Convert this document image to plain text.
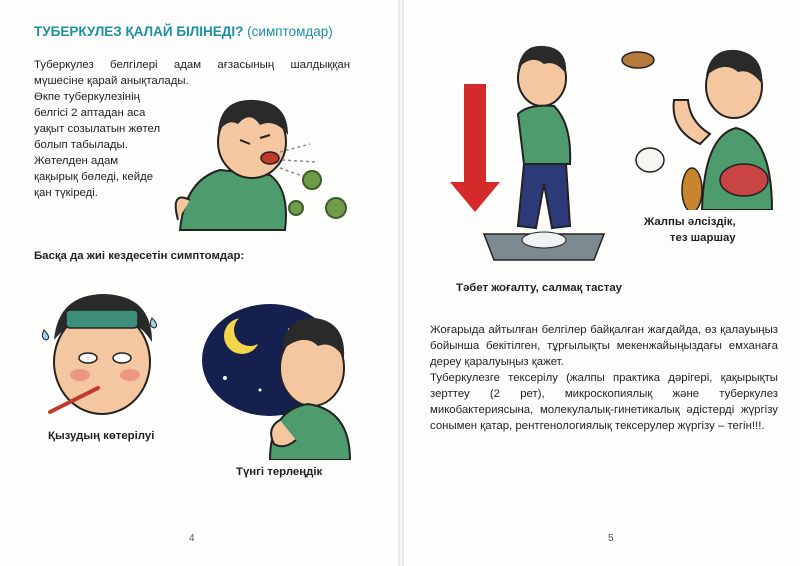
ТУБЕРКУЛЕЗ ҚАЛАЙ БІЛІНЕДІ? (симптомдар)
Туберкулез белгілері адам ағзасының шалдыққан мүшесіне қарай анықталады.
Өкпе туберкулезінің белгісі 2 аптадан аса уақыт созылатын жөтел болып табылады. Жөтелден адам қақырық бөледі, кейде қан түкіреді.
Басқа да жиі кездесетін симптомдар:
Қызудың көтерілуі
Түнгі терлеңдік
4
Тәбет жоғалту, салмақ тастау
Жалпы әлсіздік,
тез шаршау

Жоғарыда айтылған белгілер байқалған жағдайда, өз қалауыңыз бойынша бекітілген, тұрғылықты мекенжайыңыздағы емханаға дереу қаралуыңыз қажет.

Туберкулезге тексерілу (жалпы практика дәрігері, қақырықты зерттеу (2 рет), микроскопиялық және туберкулез микобактериясына, молекулалық-гинетикалық әдістерді жүргізу сонымен қатар, рентгенологиялық тексерулер жүргізу – тегін!!!.

5
